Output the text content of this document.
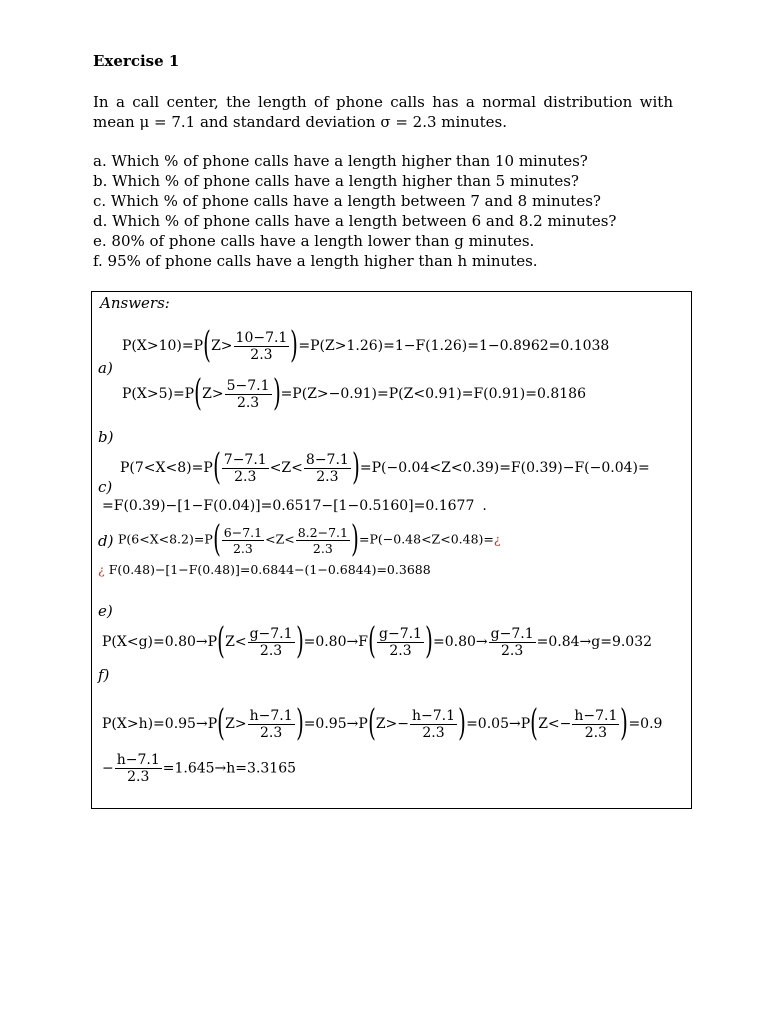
Exercise 1
In a call center, the length of phone calls has a normal distribution with mean μ = 7.1 and standard deviation σ = 2.3 minutes.
a. Which % of phone calls have a length higher than 10 minutes?
b. Which % of phone calls have a length higher than 5 minutes?
c. Which % of phone calls have a length between 7 and 8 minutes?
d. Which % of phone calls have a length between 6 and 8.2 minutes?
e. 80% of phone calls have a length lower than g minutes.
f. 95% of phone calls have a length higher than h minutes.
Answers:
$P(X>10)=P(Z> \frac{10-7.1}{2.3} )=P(Z>1.26)=1-F(1.26)=1-0.8962=0.1038$
a)
$P(X>5)=P(Z> \frac{5-7.1}{2.3} )=P(Z>-0.91)=P(Z<0.91)=F(0.91)=0.8186$
b)
$P(7<X<8)=P( \frac{7-7.1}{2.3} <Z< \frac{8-7.1}{2.3} )=P(-0.04<Z<0.39)=F(0.39)-F(-0.04)=$
c)
=F(0.39)−[1−F(0.04)]=0.6517−[1−0.5160]=0.1677 .
d) $P(6<X<8.2)=P( \frac{6-7.1}{2.3} <Z< \frac{8.2-7.1}{2.3}$ )=P(−0.48<Z<0.48)=¿
¿ F(0.48)−[1−F(0.48)]=0.6844−(1−0.6844)=0.3688
e)
$P(X<g)=0.80\to P(Z< \frac{g-7.1}{2.3} )=0.80\to F( \frac{g-7.1}{2.3} )=0.80\to \frac{g-7.1}{2.3} =0.84\to g=9.032$
f)
$P(X>h)=0.95\to P(Z> \frac{h-7.1}{2.3} )=0.95\to P(Z>- \frac{h-7.1}{2.3} )=0.05\to P(Z<- \frac{h-7.1}{2.3} )=0.9$
− $\frac{h-7.1}{2.3} =1.645\to h=3.3165$
